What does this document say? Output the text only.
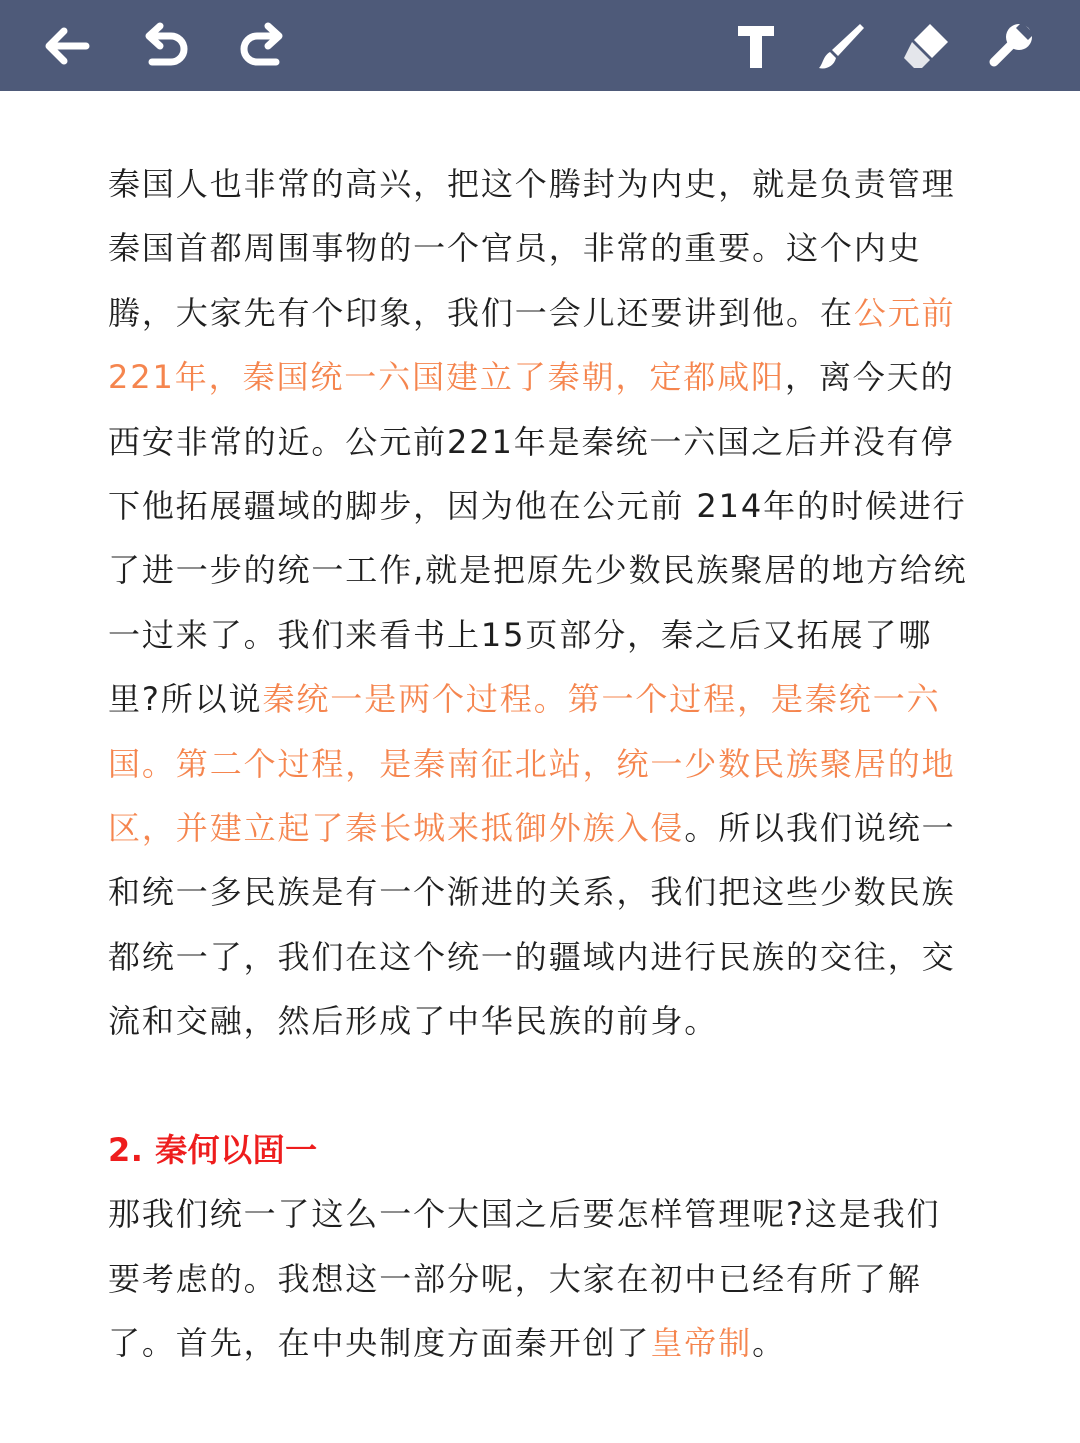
秦国人也非常的高兴，把这个腾封为内史，就是负责管理秦国首都周围事物的一个官员，非常的重要。这个内史腾，大家先有个印象，我们一会儿还要讲到他。在公元前221年，秦国统一六国建立了秦朝，定都咸阳，离今天的西安非常的近。公元前221年是秦统一六国之后并没有停下他拓展疆域的脚步，因为他在公元前 214年的时候进行了进一步的统一工作,就是把原先少数民族聚居的地方给统一过来了。我们来看书上15页部分，秦之后又拓展了哪里?所以说秦统一是两个过程。第一个过程，是秦统一六国。第二个过程，是秦南征北站，统一少数民族聚居的地区，并建立起了秦长城来抵御外族入侵。所以我们说统一和统一多民族是有一个渐进的关系，我们把这些少数民族都统一了，我们在这个统一的疆域内进行民族的交往，交流和交融，然后形成了中华民族的前身。

2. 秦何以固一

那我们统一了这么一个大国之后要怎样管理呢?这是我们要考虑的。我想这一部分呢，大家在初中已经有所了解了。首先，在中央制度方面秦开创了皇帝制。
